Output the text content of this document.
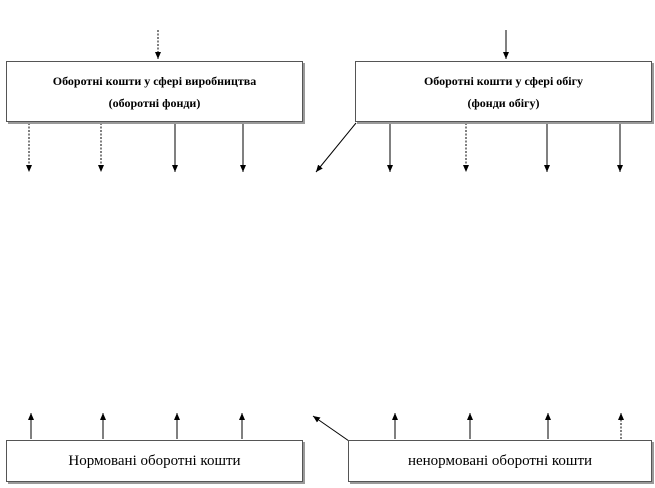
Оборотні кошти у сфері виробництва
(оборотні фонди)
Оборотні кошти у сфері обігу
(фонди обігу)
Нормовані оборотні кошти	ненормовані оборотні кошти
